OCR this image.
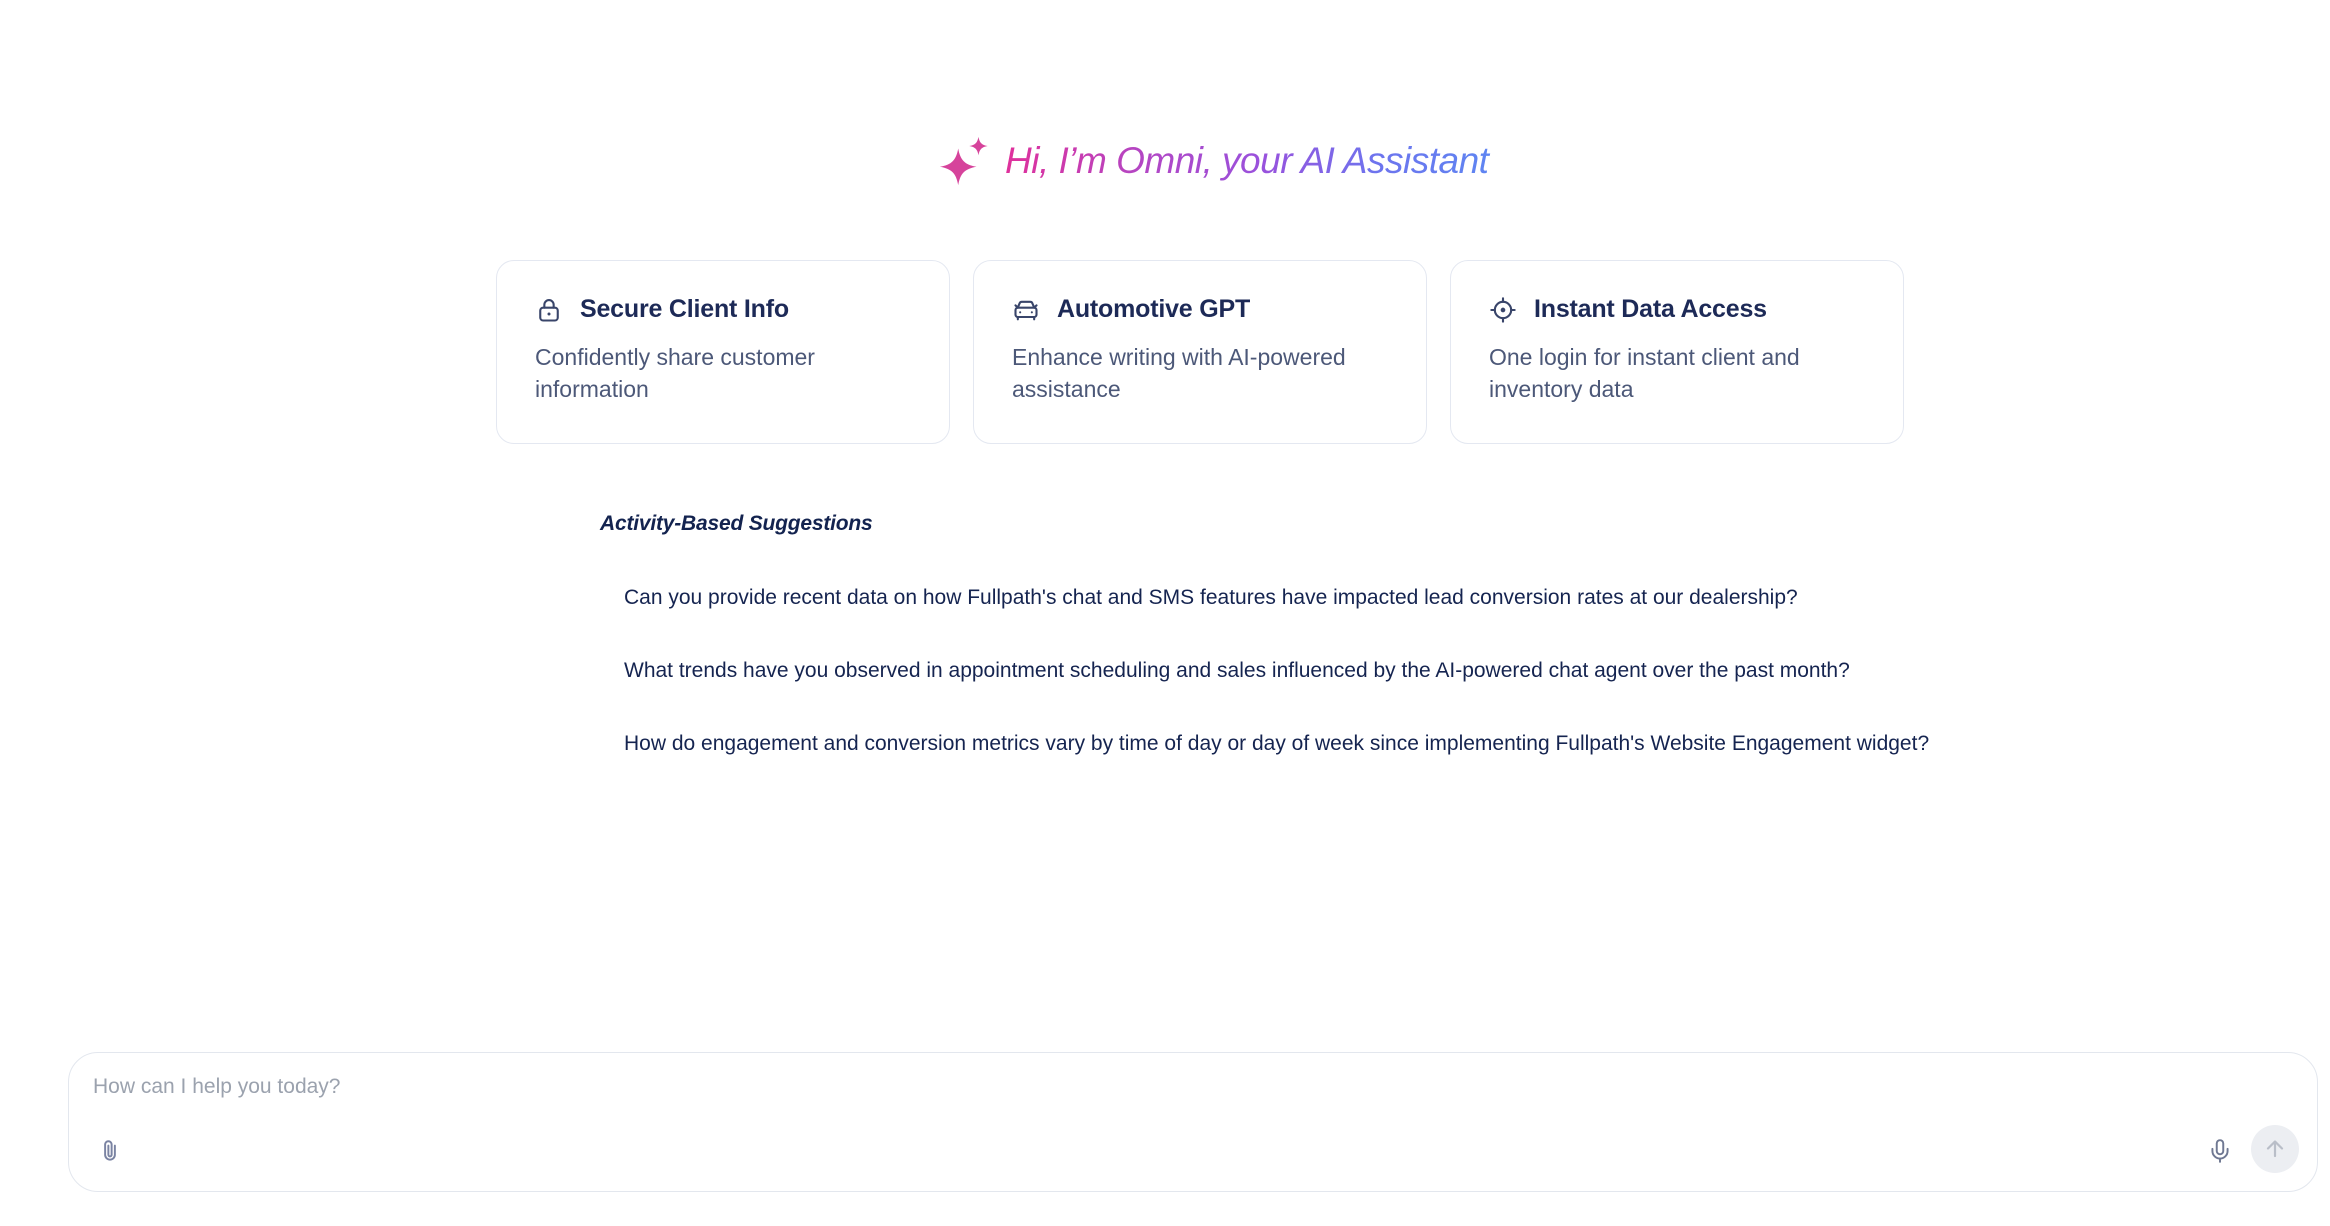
Hi, I’m Omni, your AI Assistant
Secure Client Info

Confidently share customer information

Automotive GPT

Enhance writing with AI-powered assistance

Instant Data Access

One login for instant client and inventory data

Activity-Based Suggestions
Can you provide recent data on how Fullpath's chat and SMS features have impacted lead conversion rates at our dealership?
What trends have you observed in appointment scheduling and sales influenced by the AI-powered chat agent over the past month?
How do engagement and conversion metrics vary by time of day or day of week since implementing Fullpath's Website Engagement widget?
How can I help you today?
